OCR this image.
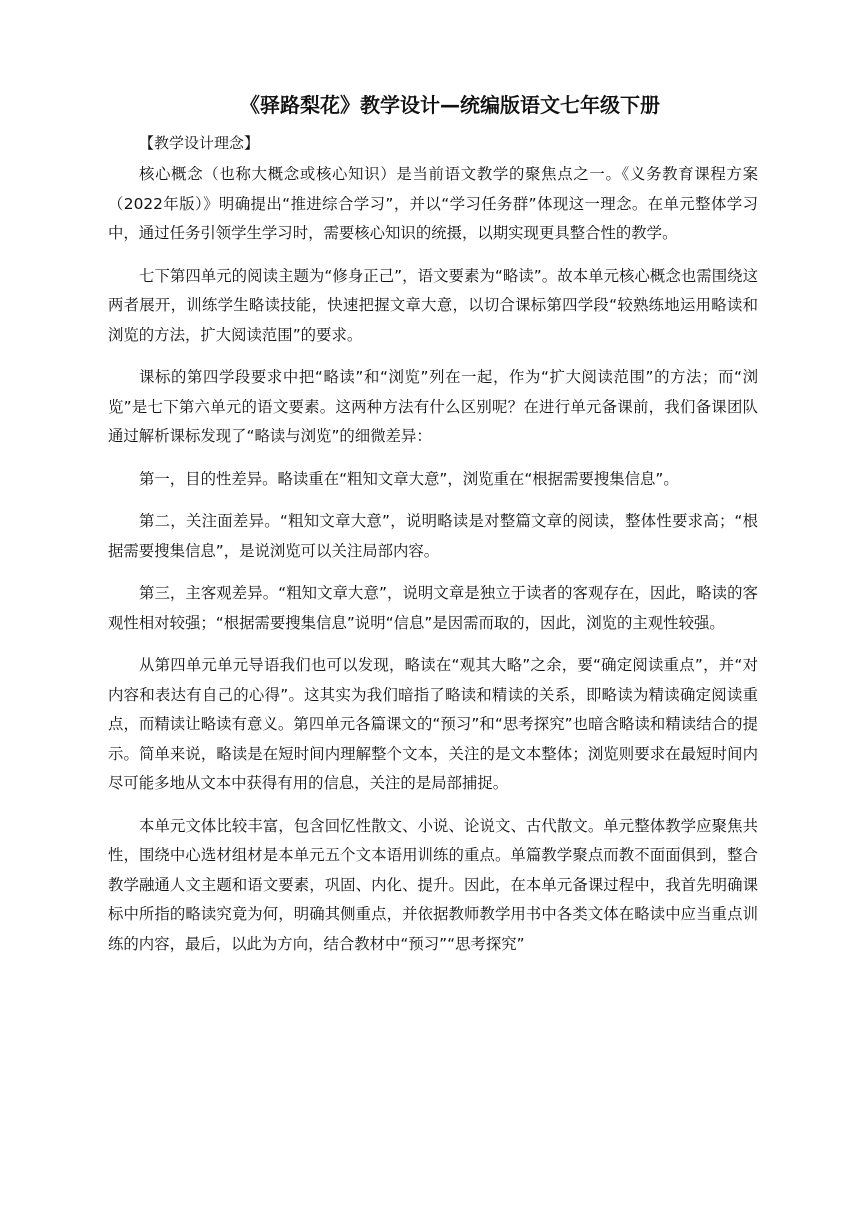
《驿路梨花》教学设计—统编版语文七年级下册
【教学设计理念】

核心概念（也称大概念或核心知识）是当前语文教学的聚焦点之一。《义务教育课程方案（2022年版）》明确提出“推进综合学习”，并以“学习任务群”体现这一理念。在单元整体学习中，通过任务引领学生学习时，需要核心知识的统摄，以期实现更具整合性的教学。

七下第四单元的阅读主题为“修身正己”，语文要素为“略读”。故本单元核心概念也需围绕这两者展开，训练学生略读技能，快速把握文章大意，以切合课标第四学段“较熟练地运用略读和浏览的方法，扩大阅读范围”的要求。

课标的第四学段要求中把“略读”和“浏览”列在一起，作为“扩大阅读范围”的方法；而“浏览”是七下第六单元的语文要素。这两种方法有什么区别呢？在进行单元备课前，我们备课团队通过解析课标发现了“略读与浏览”的细微差异：

第一，目的性差异。略读重在“粗知文章大意”，浏览重在“根据需要搜集信息”。

第二，关注面差异。“粗知文章大意”，说明略读是对整篇文章的阅读，整体性要求高；“根据需要搜集信息”，是说浏览可以关注局部内容。

第三，主客观差异。“粗知文章大意”，说明文章是独立于读者的客观存在，因此，略读的客观性相对较强；“根据需要搜集信息”说明“信息”是因需而取的，因此，浏览的主观性较强。

从第四单元单元导语我们也可以发现，略读在“观其大略”之余，要“确定阅读重点”，并“对内容和表达有自己的心得”。这其实为我们暗指了略读和精读的关系，即略读为精读确定阅读重点，而精读让略读有意义。第四单元各篇课文的“预习”和“思考探究”也暗含略读和精读结合的提示。简单来说，略读是在短时间内理解整个文本，关注的是文本整体；浏览则要求在最短时间内尽可能多地从文本中获得有用的信息，关注的是局部捕捉。

本单元文体比较丰富，包含回忆性散文、小说、论说文、古代散文。单元整体教学应聚焦共性，围绕中心选材组材是本单元五个文本语用训练的重点。单篇教学聚点而教不面面俱到，整合教学融通人文主题和语文要素，巩固、内化、提升。因此，在本单元备课过程中，我首先明确课标中所指的略读究竟为何，明确其侧重点，并依据教师教学用书中各类文体在略读中应当重点训练的内容，最后，以此为方向，结合教材中“预习”“思考探究”
